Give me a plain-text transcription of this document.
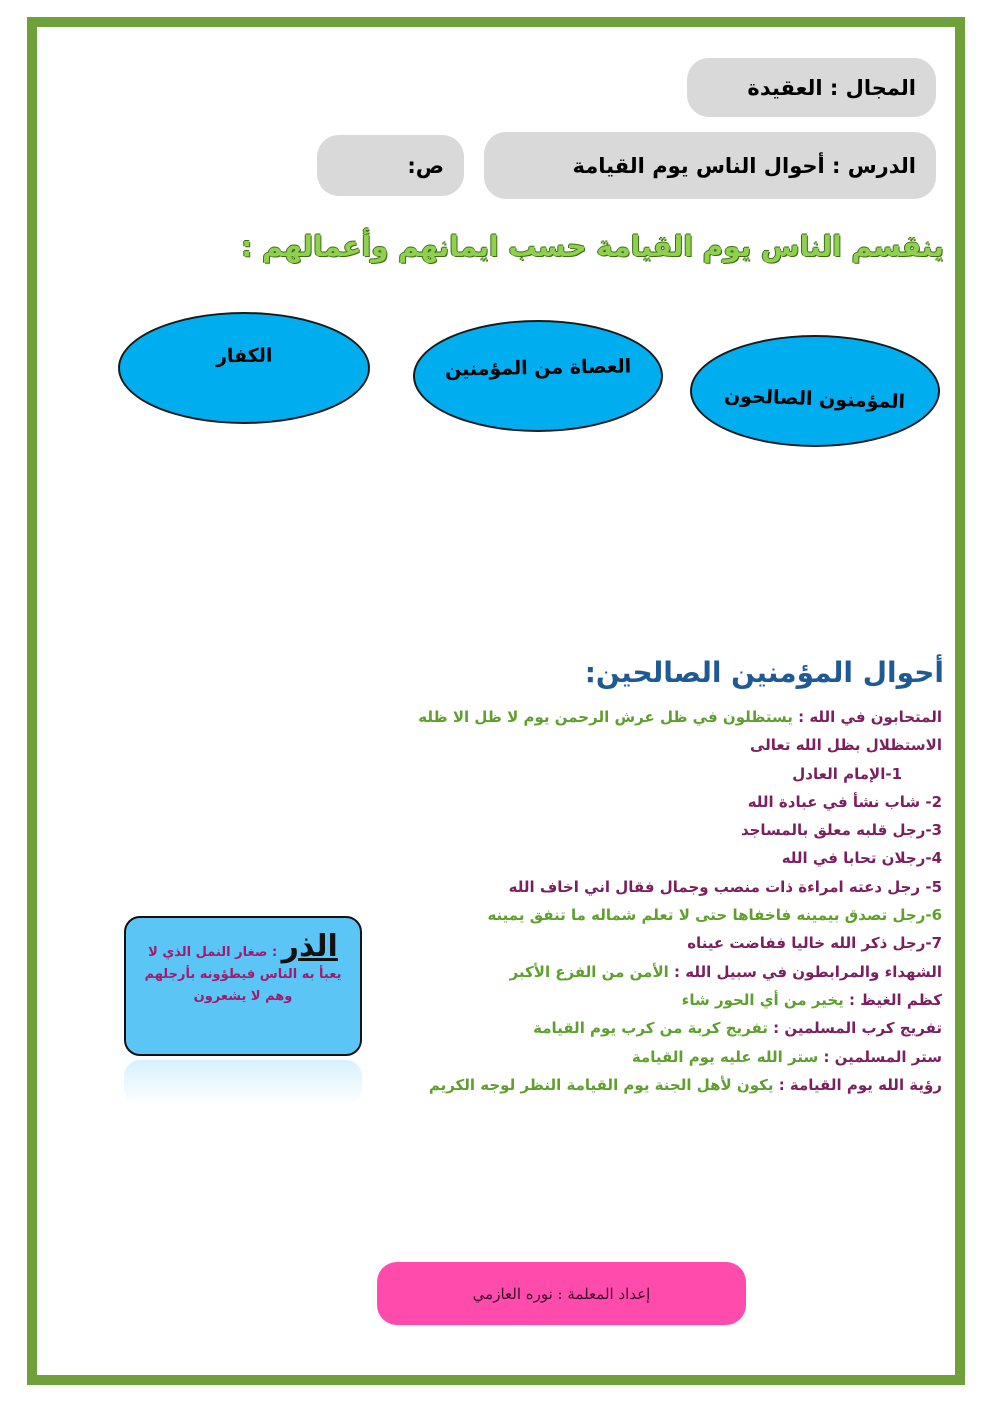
المجال : العقيدة
الدرس : أحوال الناس يوم القيامة
ص:
ينقسم الناس يوم القيامة حسب ايمانهم وأعمالهم :
المؤمنون الصالحون
العصاة من المؤمنين
الكفار
أحوال المؤمنين الصالحين:
المتحابون في الله : يستظلون في ظل عرش الرحمن يوم لا ظل الا ظله
الاستظلال بظل الله تعالى
1-الإمام العادل
2- شاب نشأ في عبادة الله
3-رجل قلبه معلق بالمساجد
4-رجلان تحابا في الله
5- رجل دعته امراءة ذات منصب وجمال فقال اني اخاف الله
6-رجل تصدق بيمينه فاخفاها حتى لا تعلم شماله ما تنفق يمينه
7-رجل ذكر الله خاليا ففاضت عيناه
الشهداء والمرابطون في سبيل الله : الأمن من الفزع الأكبر
كظم الغيظ : يخير من أي الحور شاء
تفريج كرب المسلمين : تفريج كربة من كرب يوم القيامة
ستر المسلمين : ستر الله عليه يوم القيامة
رؤية الله يوم القيامة : يكون لأهل الجنة يوم القيامة النظر لوجه الكريم
الذر : صغار النمل الذي لا يعبأ به الناس فيطؤونه بأرجلهم وهم لا يشعرون
إعداد المعلمة : نوره العازمي
